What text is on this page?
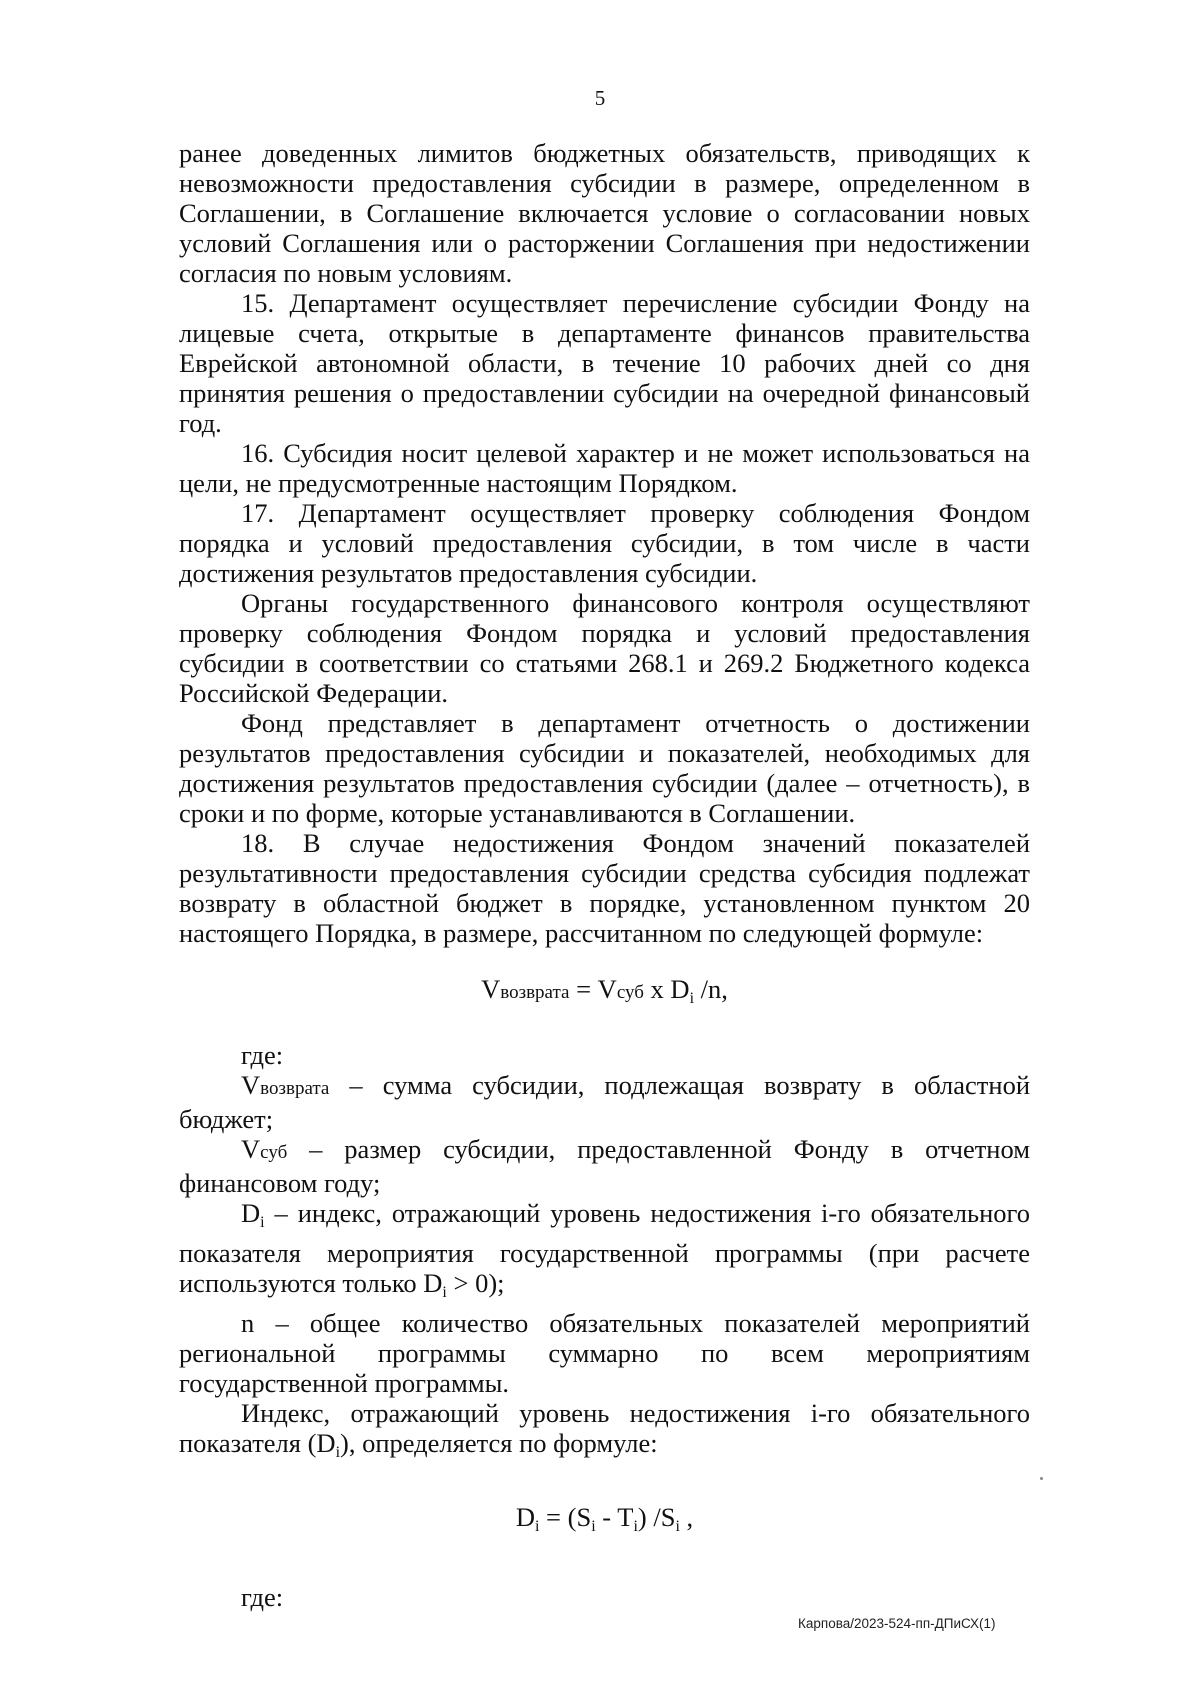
5

ранее доведенных лимитов бюджетных обязательств, приводящих к невозможности предоставления субсидии в размере, определенном в Соглашении, в Соглашение включается условие о согласовании новых условий Соглашения или о расторжении Соглашения при недостижении согласия по новым условиям.

15. Департамент осуществляет перечисление субсидии Фонду на лицевые счета, открытые в департаменте финансов правительства Еврейской автономной области, в течение 10 рабочих дней со дня принятия решения о предоставлении субсидии на очередной финансовый год.

16. Субсидия носит целевой характер и не может использоваться на цели, не предусмотренные настоящим Порядком.

17. Департамент осуществляет проверку соблюдения Фондом порядка и условий предоставления субсидии, в том числе в части достижения результатов предоставления субсидии.

Органы государственного финансового контроля осуществляют проверку соблюдения Фондом порядка и условий предоставления субсидии в соответствии со статьями 268.1 и 269.2 Бюджетного кодекса Российской Федерации.

Фонд представляет в департамент отчетность о достижении результатов предоставления субсидии и показателей, необходимых для достижения результатов предоставления субсидии (далее – отчетность), в сроки и по форме, которые устанавливаются в Соглашении.

18. В случае недостижения Фондом значений показателей результативности предоставления субсидии средства субсидия подлежат возврату в областной бюджет в порядке, установленном пунктом 20 настоящего Порядка, в размере, рассчитанном по следующей формуле:

Vвозврата = Vсуб x $D_i$ /n,

где:

Vвозврата – сумма субсидии, подлежащая возврату в областной бюджет;

Vсуб – размер субсидии, предоставленной Фонду в отчетном финансовом году;

$D_i$ – индекс, отражающий уровень недостижения i-го обязательного показателя мероприятия государственной программы (при расчете используются только $D_i > 0$);

n – общее количество обязательных показателей мероприятий региональной программы суммарно по всем мероприятиям государственной программы.

Индекс, отражающий уровень недостижения i-го обязательного показателя $(D_i)$, определяется по формуле:

$D_i = (S_i - T_i)$ $/S_i$ ,

где:

Карпова/2023-524-пп-ДПиСХ(1)
